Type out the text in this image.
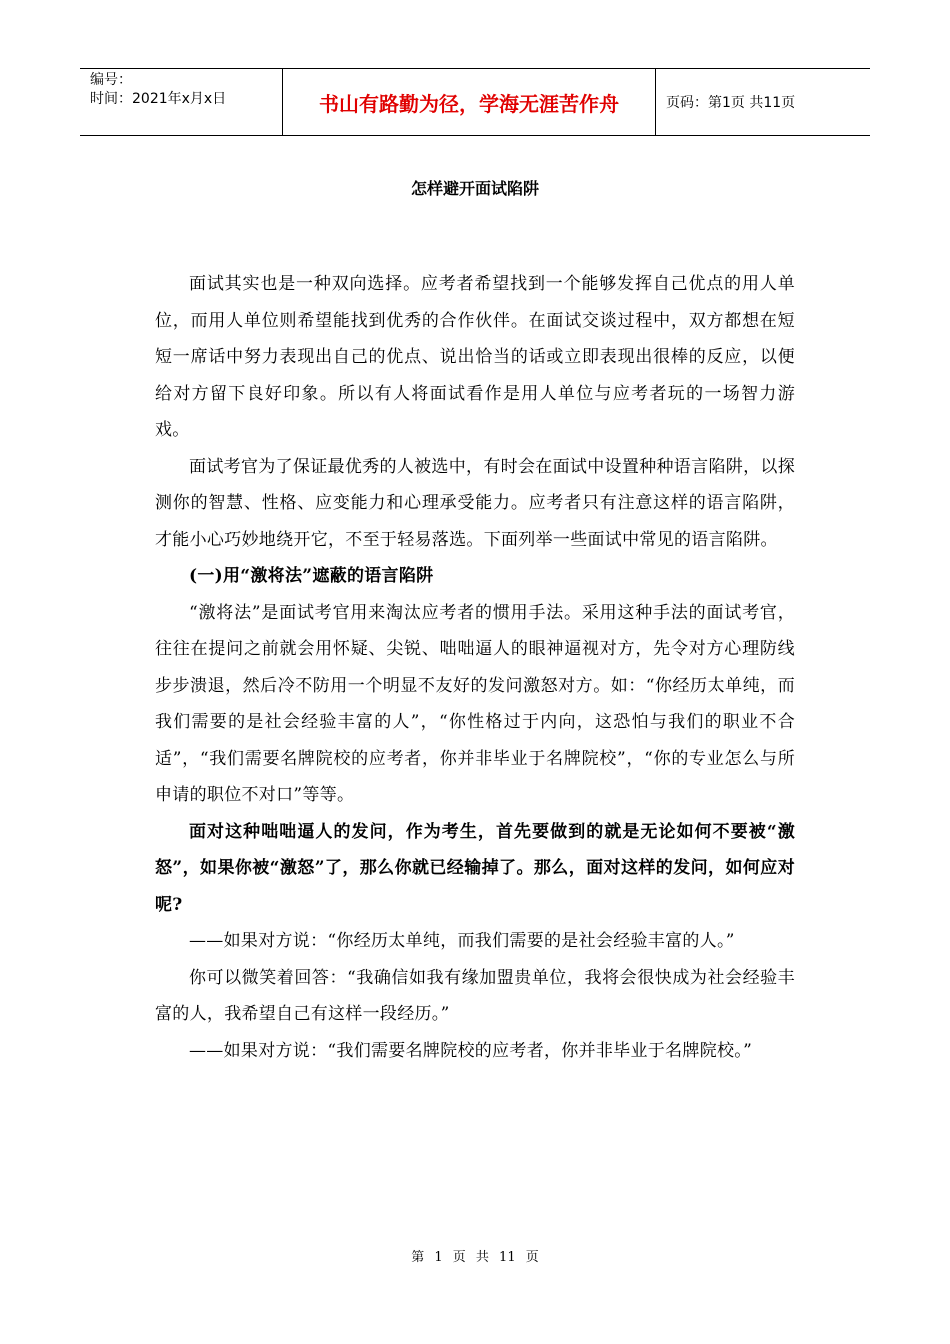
编号：
时间：2021年x月x日	书山有路勤为径，学海无涯苦作舟	页码：第1页 共11页
怎样避开面试陷阱

面试其实也是一种双向选择。应考者希望找到一个能够发挥自己优点的用人单位，而用人单位则希望能找到优秀的合作伙伴。在面试交谈过程中，双方都想在短短一席话中努力表现出自己的优点、说出恰当的话或立即表现出很棒的反应，以便给对方留下良好印象。所以有人将面试看作是用人单位与应考者玩的一场智力游戏。

面试考官为了保证最优秀的人被选中，有时会在面试中设置种种语言陷阱，以探测你的智慧、性格、应变能力和心理承受能力。应考者只有注意这样的语言陷阱，才能小心巧妙地绕开它，不至于轻易落选。下面列举一些面试中常见的语言陷阱。

(一)用“激将法”遮蔽的语言陷阱

“激将法”是面试考官用来淘汰应考者的惯用手法。采用这种手法的面试考官，往往在提问之前就会用怀疑、尖锐、咄咄逼人的眼神逼视对方，先令对方心理防线步步溃退，然后冷不防用一个明显不友好的发问激怒对方。如：“你经历太单纯，而我们需要的是社会经验丰富的人”，“你性格过于内向，这恐怕与我们的职业不合适”，“我们需要名牌院校的应考者，你并非毕业于名牌院校”，“你的专业怎么与所申请的职位不对口”等等。

面对这种咄咄逼人的发问，作为考生，首先要做到的就是无论如何不要被“激怒”，如果你被“激怒”了，那么你就已经输掉了。那么，面对这样的发问，如何应对呢?

——如果对方说：“你经历太单纯，而我们需要的是社会经验丰富的人。”

你可以微笑着回答：“我确信如我有缘加盟贵单位，我将会很快成为社会经验丰富的人，我希望自己有这样一段经历。”

——如果对方说：“我们需要名牌院校的应考者，你并非毕业于名牌院校。”

第 1 页 共 11 页
